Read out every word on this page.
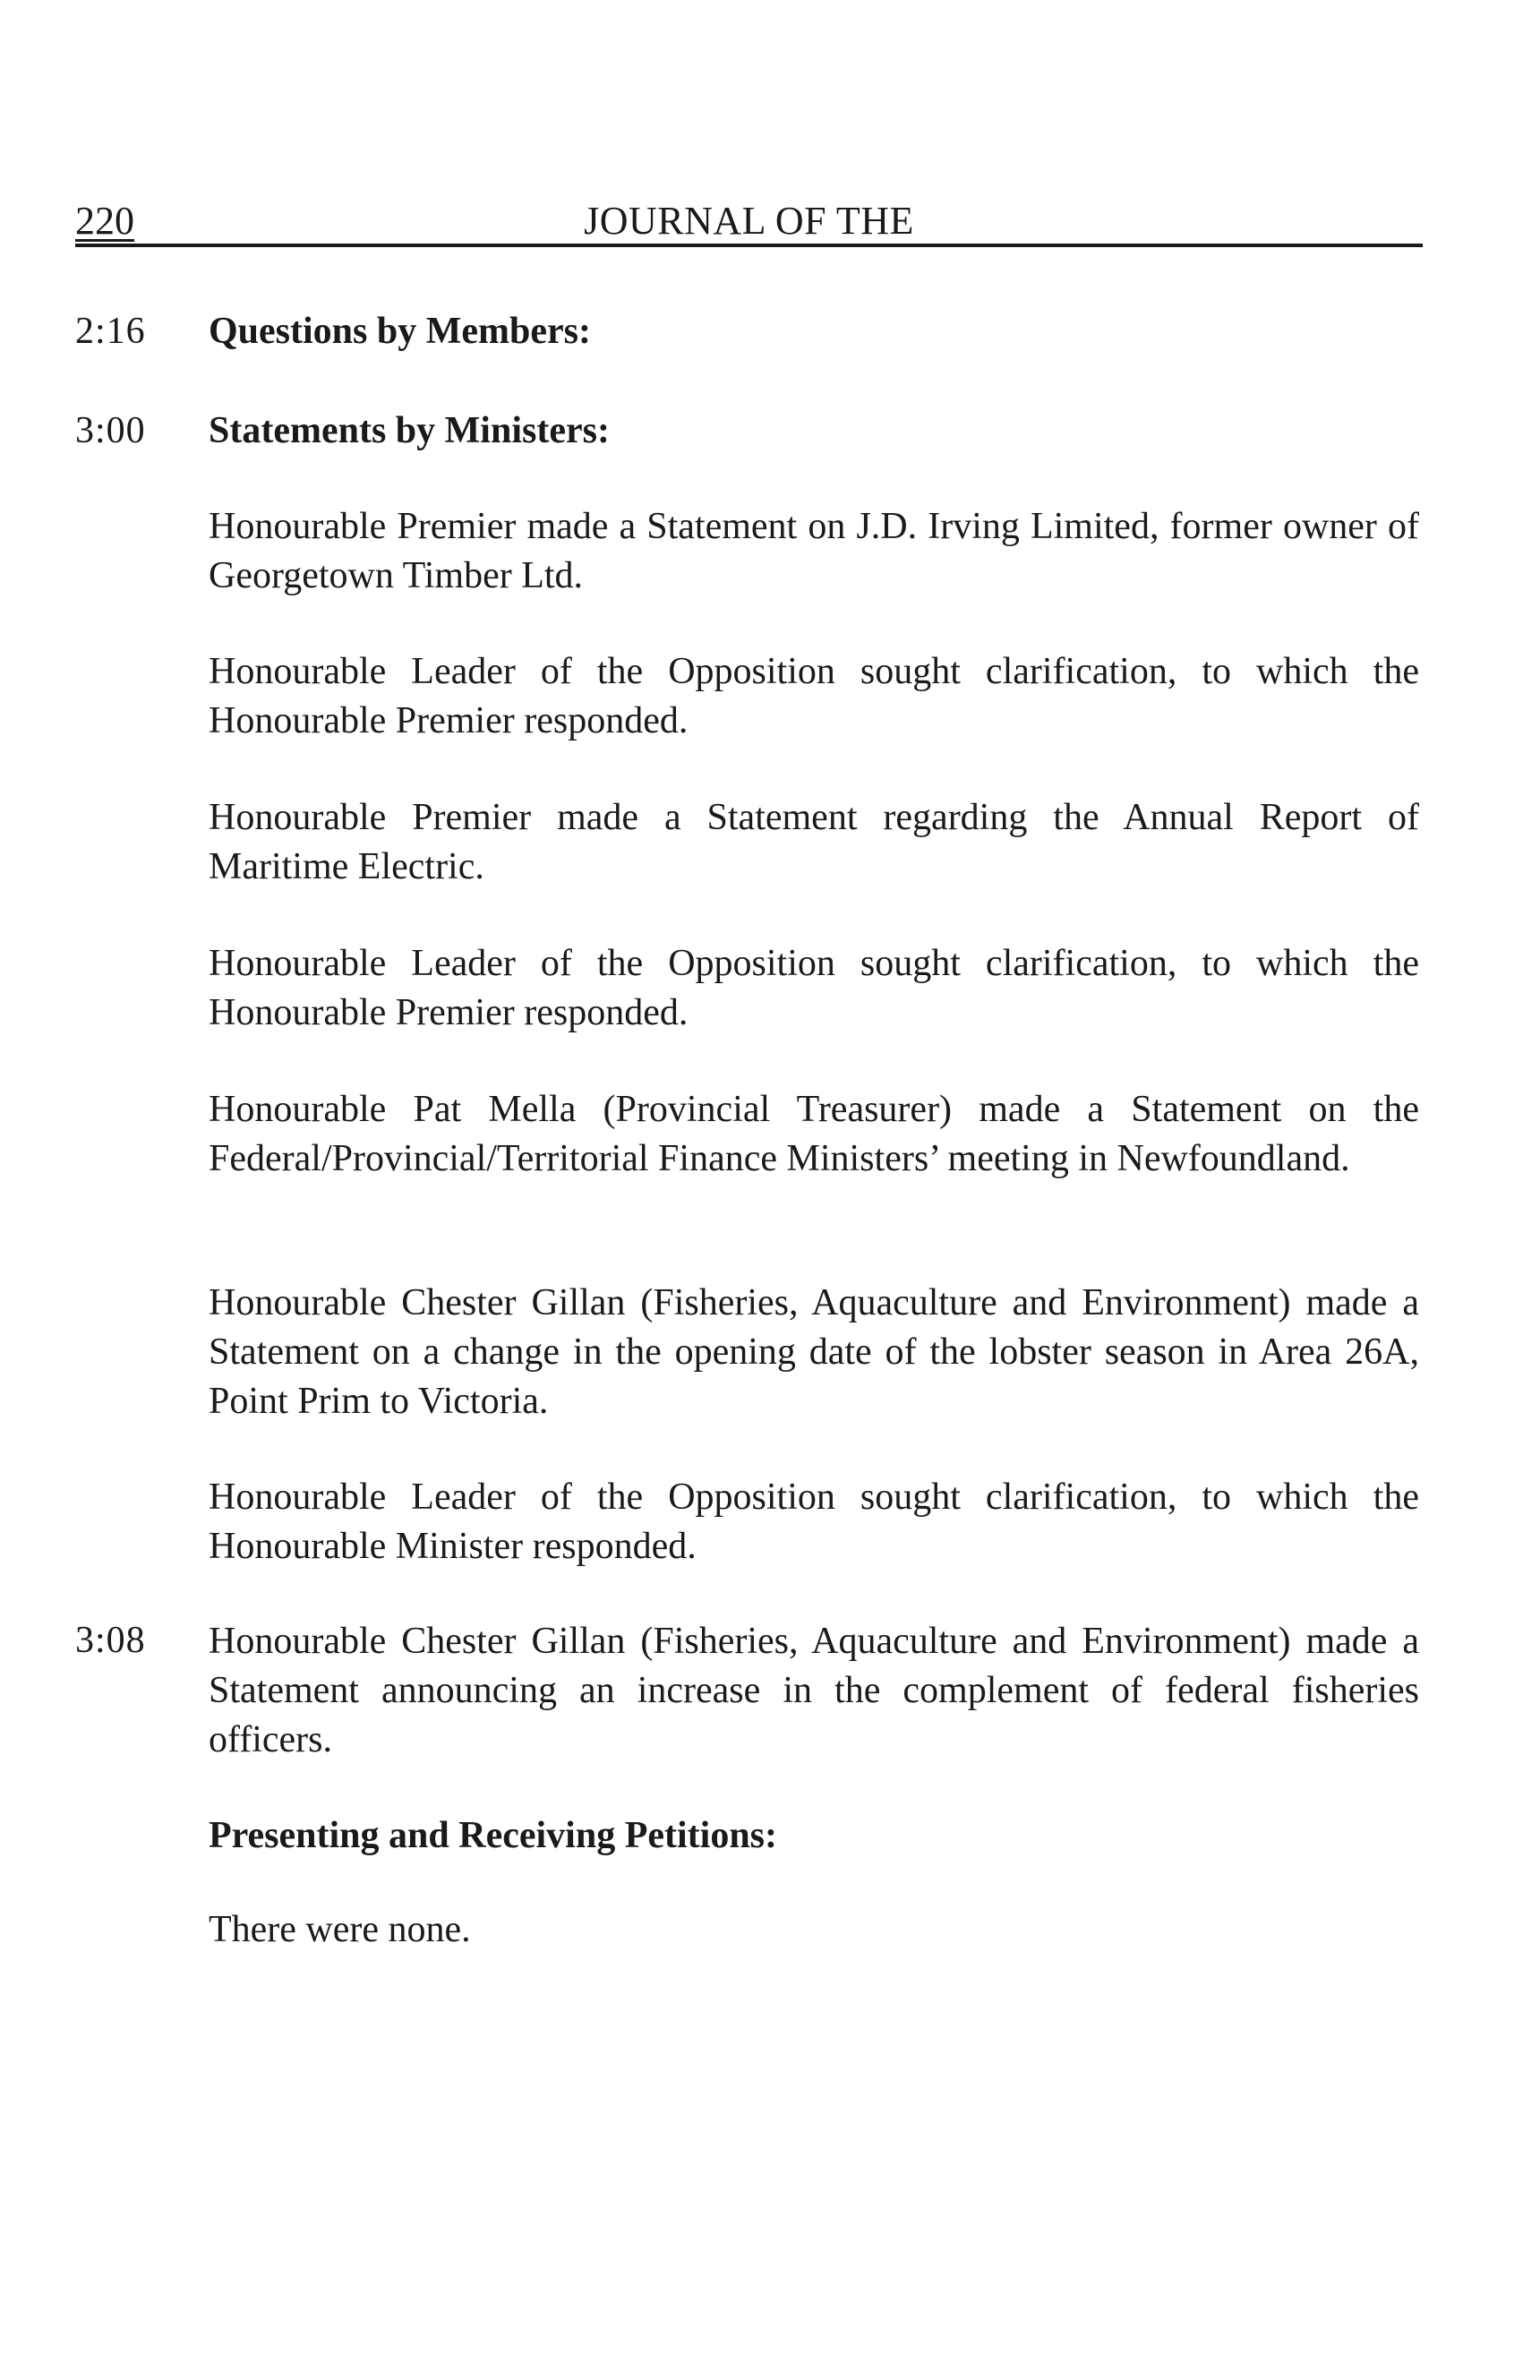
220	JOURNAL OF THE
2:16 Questions by Members:
3:00 Statements by Ministers:

Honourable Premier made a Statement on J.D. Irving Limited, former owner of Georgetown Timber Ltd.

Honourable Leader of the Opposition sought clarification, to which the Honourable Premier responded.

Honourable Premier made a Statement regarding the Annual Report of Maritime Electric.

Honourable Leader of the Opposition sought clarification, to which the Honourable Premier responded.

Honourable Pat Mella (Provincial Treasurer) made a Statement on the Federal/Provincial/Territorial Finance Ministers’ meeting in Newfoundland.

Honourable Chester Gillan (Fisheries, Aquaculture and Environment) made a Statement on a change in the opening date of the lobster season in Area 26A, Point Prim to Victoria.

Honourable Leader of the Opposition sought clarification, to which the Honourable Minister responded.

3:08 Honourable Chester Gillan (Fisheries, Aquaculture and Environment) made a Statement announcing an increase in the complement of federal fisheries officers.

Presenting and Receiving Petitions:

There were none.
